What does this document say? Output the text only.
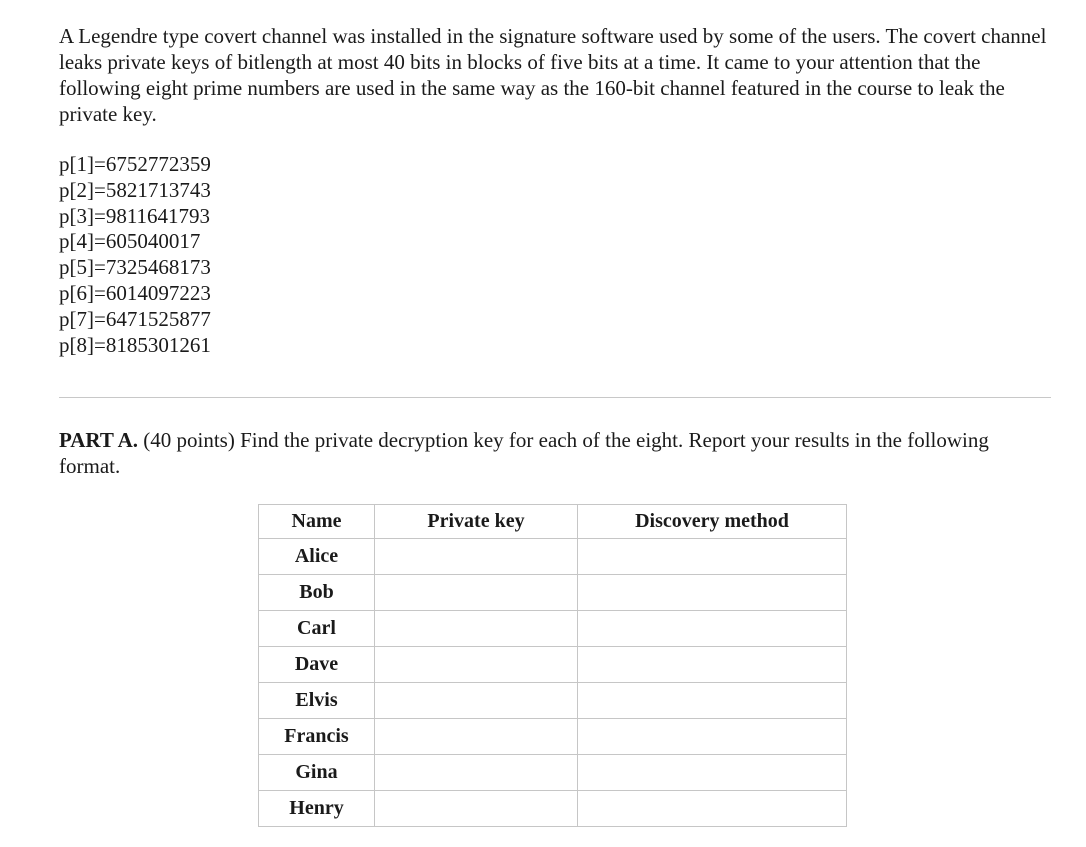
A Legendre type covert channel was installed in the signature software used by some of the users. The covert channel leaks private keys of bitlength at most 40 bits in blocks of five bits at a time. It came to your attention that the following eight prime numbers are used in the same way as the 160-bit channel featured in the course to leak the private key.

p[1]=6752772359
p[2]=5821713743
p[3]=9811641793
p[4]=605040017
p[5]=7325468173
p[6]=6014097223
p[7]=6471525877
p[8]=8185301261

PART A. (40 points) Find the private decryption key for each of the eight. Report your results in the following format.

Name	Private key	Discovery method
Alice		
Bob		
Carl		
Dave		
Elvis		
Francis		
Gina		
Henry		
